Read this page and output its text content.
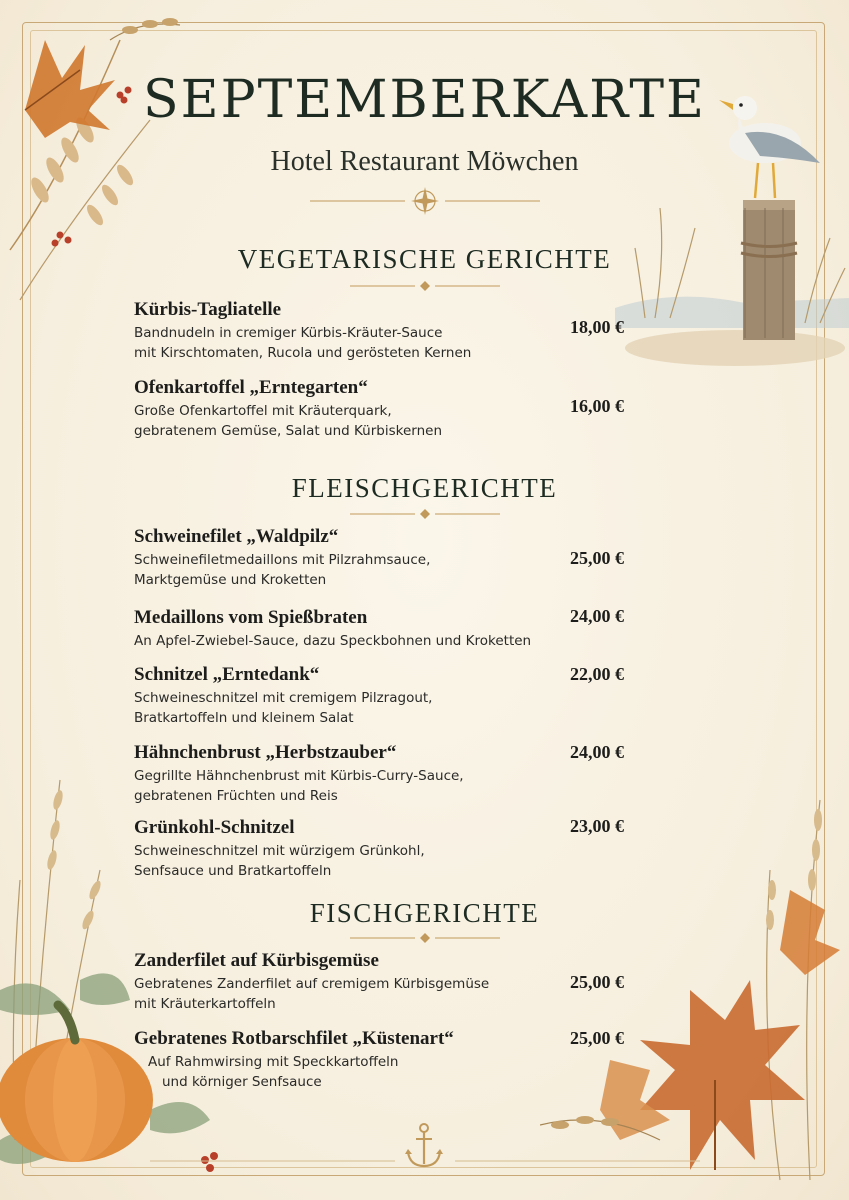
SEPTEMBERKARTE
Hotel Restaurant Möwchen
VEGETARISCHE GERICHTE
Kürbis-Tagliatelle
Bandnudeln in cremiger Kürbis-Kräuter-Sauce
mit Kirschtomaten, Rucola und gerösteten Kernen
18,00 €
Ofenkartoffel „Erntegarten“
Große Ofenkartoffel mit Kräuterquark,
gebratenem Gemüse, Salat und Kürbiskernen
16,00 €
FLEISCHGERICHTE
Schweinefilet „Waldpilz“
Schweinefiletmedaillons mit Pilzrahmsauce,
Marktgemüse und Kroketten
25,00 €
Medaillons vom Spießbraten
An Apfel-Zwiebel-Sauce, dazu Speckbohnen und Kroketten
24,00 €
Schnitzel „Erntedank“
Schweineschnitzel mit cremigem Pilzragout,
Bratkartoffeln und kleinem Salat
22,00 €
Hähnchenbrust „Herbstzauber“
Gegrillte Hähnchenbrust mit Kürbis-Curry-Sauce,
gebratenen Früchten und Reis
24,00 €
Grünkohl-Schnitzel
Schweineschnitzel mit würzigem Grünkohl,
Senfsauce und Bratkartoffeln
23,00 €
FISCHGERICHTE
Zanderfilet auf Kürbisgemüse
Gebratenes Zanderfilet auf cremigem Kürbisgemüse
mit Kräuterkartoffeln
25,00 €
Gebratenes Rotbarschfilet „Küstenart“
Auf Rahmwirsing mit Speckkartoffeln
und körniger Senfsauce
25,00 €
